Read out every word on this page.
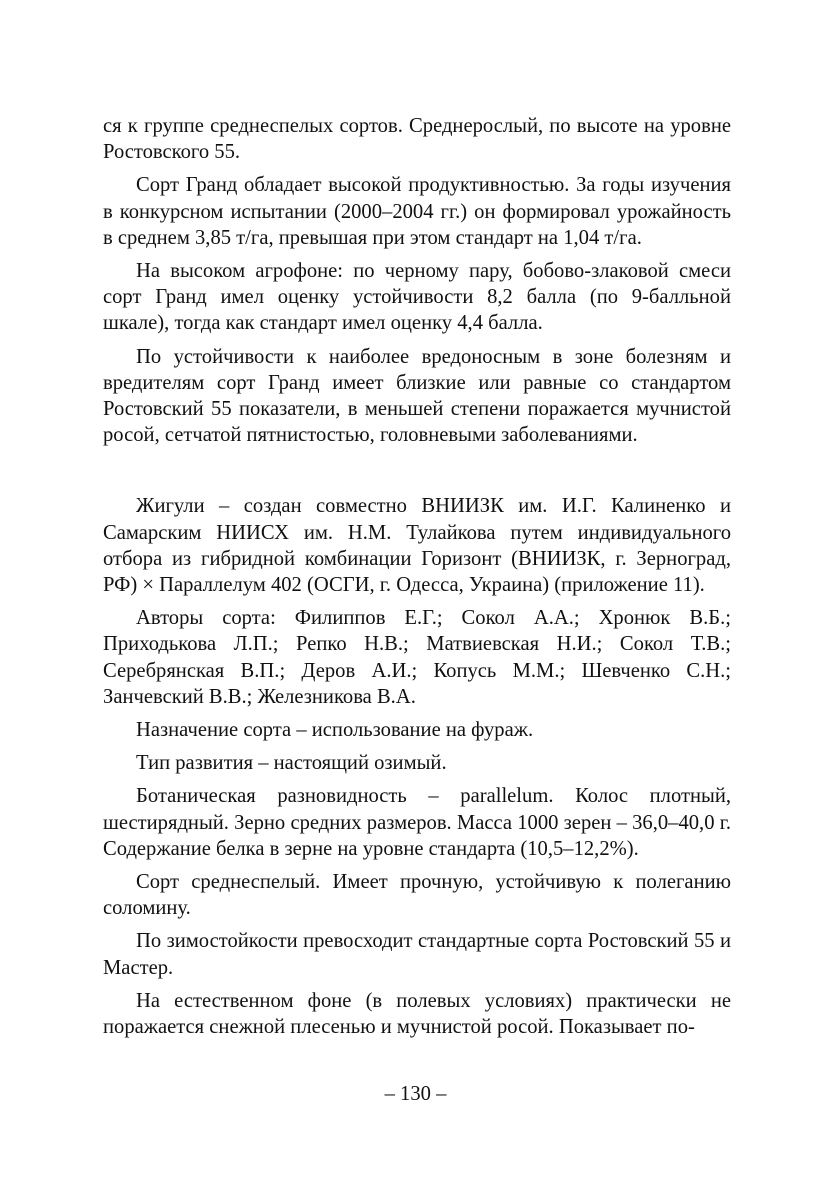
ся к группе среднеспелых сортов. Среднерослый, по высоте на уровне Ростовского 55.

Сорт Гранд обладает высокой продуктивностью. За годы изучения в конкурсном испытании (2000–2004 гг.) он формировал урожайность в среднем 3,85 т/га, превышая при этом стандарт на 1,04 т/га.

На высоком агрофоне: по черному пару, бобово-злаковой смеси сорт Гранд имел оценку устойчивости 8,2 балла (по 9-балльной шкале), тогда как стандарт имел оценку 4,4 балла.

По устойчивости к наиболее вредоносным в зоне болезням и вредителям сорт Гранд имеет близкие или равные со стандартом Ростовский 55 показатели, в меньшей степени поражается мучнистой росой, сетчатой пятнистостью, головневыми заболеваниями.

Жигули – создан совместно ВНИИЗК им. И.Г. Калиненко и Самарским НИИСХ им. Н.М. Тулайкова путем индивидуального отбора из гибридной комбинации Горизонт (ВНИИЗК, г. Зерноград, РФ) × Параллелум 402 (ОСГИ, г. Одесса, Украина) (приложение 11).

Авторы сорта: Филиппов Е.Г.; Сокол А.А.; Хронюк В.Б.; Приходькова Л.П.; Репко Н.В.; Матвиевская Н.И.; Сокол Т.В.; Серебрянская В.П.; Деров А.И.; Копусь М.М.; Шевченко С.Н.; Занчевский В.В.; Железникова В.А.

Назначение сорта – использование на фураж.

Тип развития – настоящий озимый.

Ботаническая разновидность – parallelum. Колос плотный, шестирядный. Зерно средних размеров. Масса 1000 зерен – 36,0–40,0 г. Содержание белка в зерне на уровне стандарта (10,5–12,2%).

Сорт среднеспелый. Имеет прочную, устойчивую к полеганию соломину.

По зимостойкости превосходит стандартные сорта Ростовский 55 и Мастер.

На естественном фоне (в полевых условиях) практически не поражается снежной плесенью и мучнистой росой. Показывает по-

– 130 –
